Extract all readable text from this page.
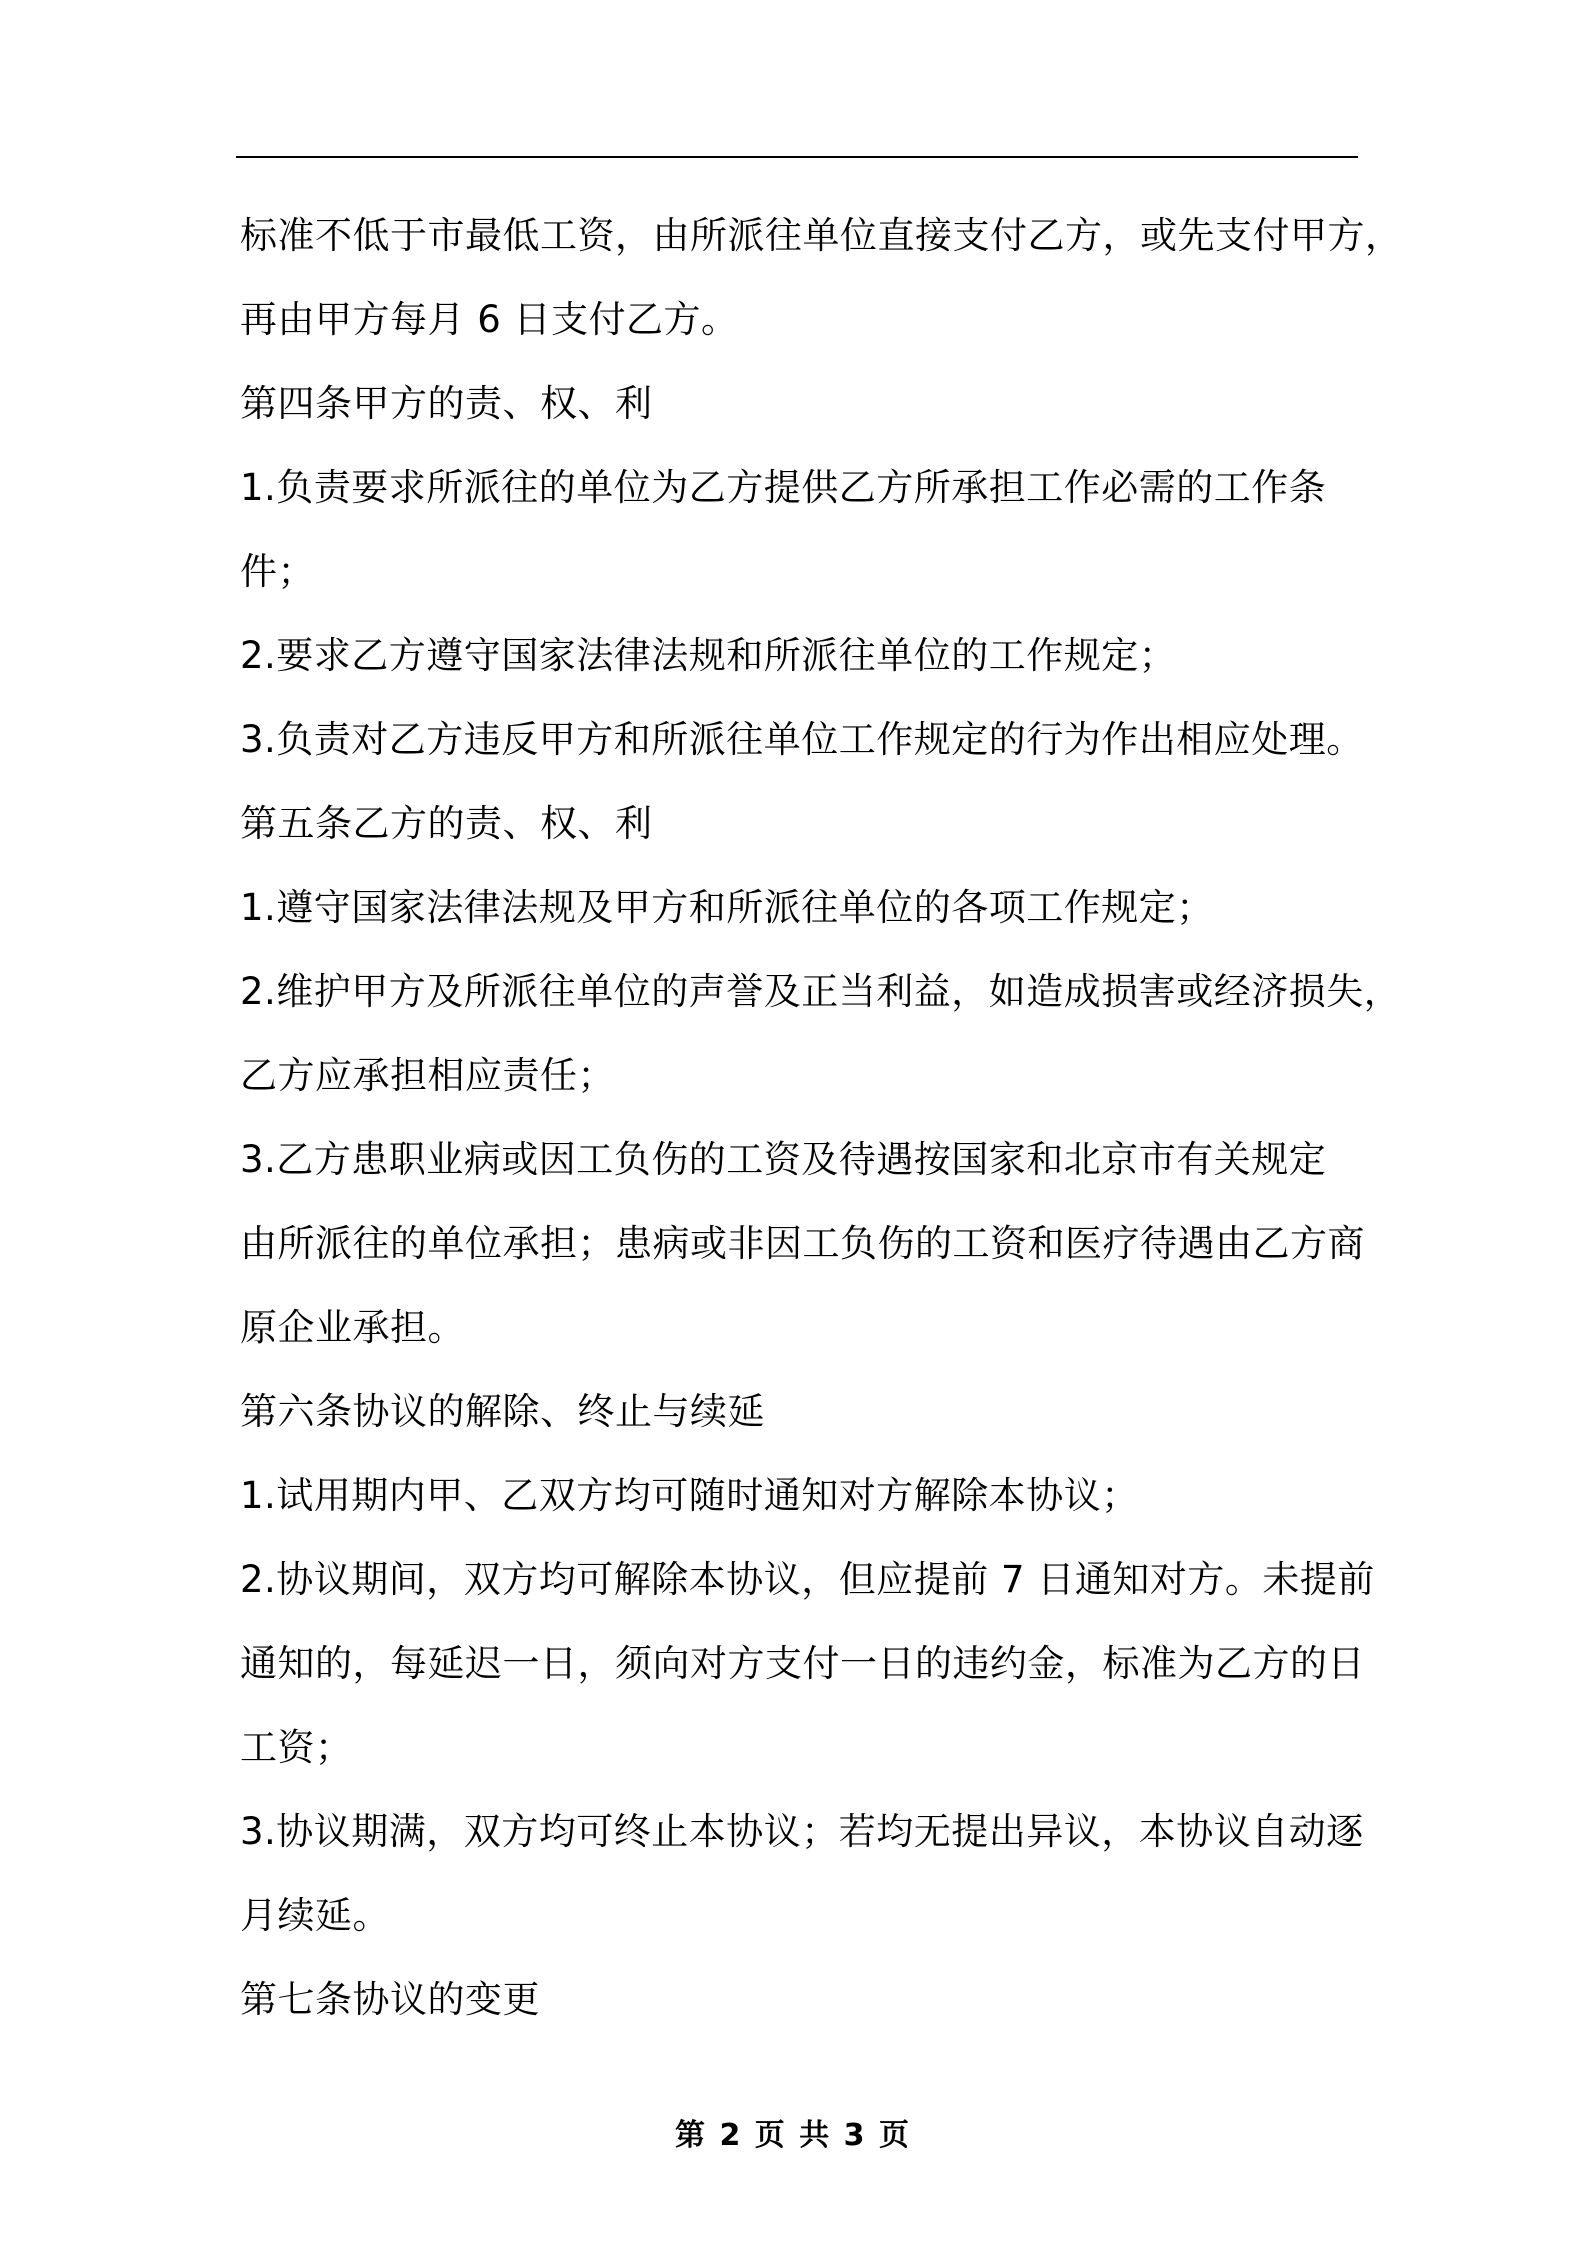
标准不低于市最低工资，由所派往单位直接支付乙方，或先支付甲方，
再由甲方每月 6 日支付乙方。
第四条甲方的责、权、利
1.负责要求所派往的单位为乙方提供乙方所承担工作必需的工作条
件；
2.要求乙方遵守国家法律法规和所派往单位的工作规定；
3.负责对乙方违反甲方和所派往单位工作规定的行为作出相应处理。
第五条乙方的责、权、利
1.遵守国家法律法规及甲方和所派往单位的各项工作规定；
2.维护甲方及所派往单位的声誉及正当利益，如造成损害或经济损失，
乙方应承担相应责任；
3.乙方患职业病或因工负伤的工资及待遇按国家和北京市有关规定
由所派往的单位承担；患病或非因工负伤的工资和医疗待遇由乙方商
原企业承担。
第六条协议的解除、终止与续延
1.试用期内甲、乙双方均可随时通知对方解除本协议；
2.协议期间，双方均可解除本协议，但应提前 7 日通知对方。未提前
通知的，每延迟一日，须向对方支付一日的违约金，标准为乙方的日
工资；
3.协议期满，双方均可终止本协议；若均无提出异议，本协议自动逐
月续延。
第七条协议的变更
第 2 页 共 3 页
